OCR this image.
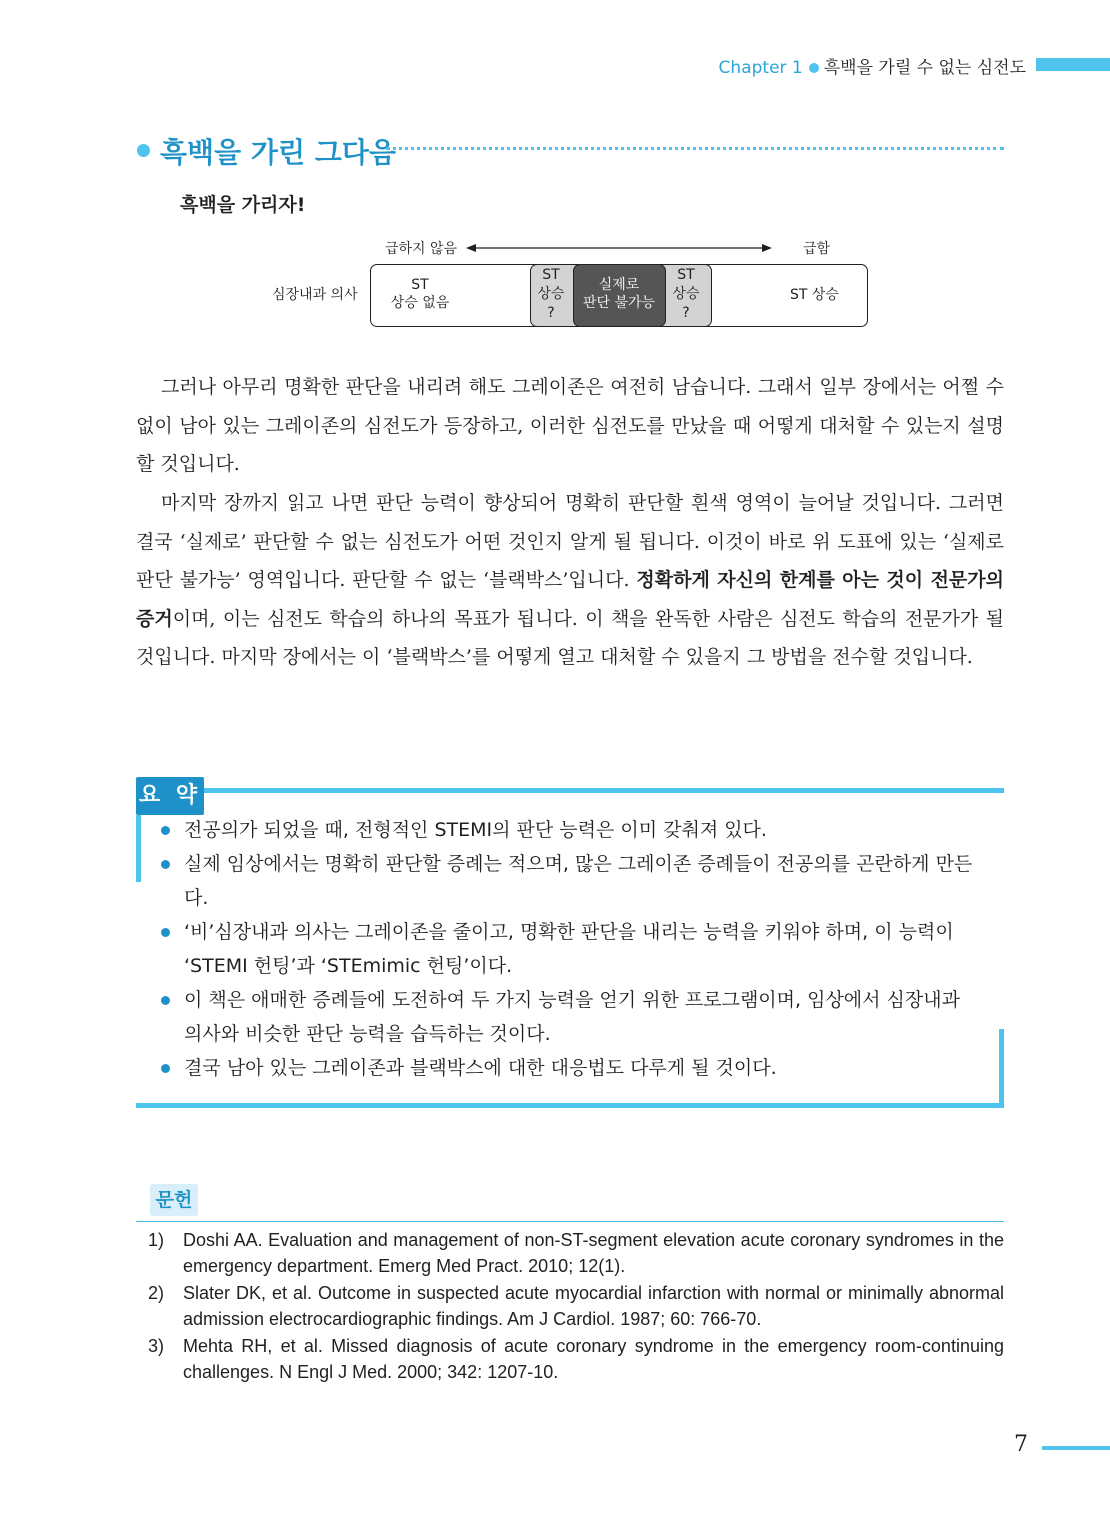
Chapter 1 흑백을 가릴 수 없는 심전도
흑백을 가린 그다음
흑백을 가리자!
급하지 않음	급함
심장내과 의사
ST
상승 없음
ST
상승
?
실제로
판단 불가능
ST
상승
?
ST 상승

그러나 아무리 명확한 판단을 내리려 해도 그레이존은 여전히 남습니다. 그래서 일부 장에서는 어쩔 수 없이 남아 있는 그레이존의 심전도가 등장하고, 이러한 심전도를 만났을 때 어떻게 대처할 수 있는지 설명할 것입니다.

마지막 장까지 읽고 나면 판단 능력이 향상되어 명확히 판단할 흰색 영역이 늘어날 것입니다. 그러면 결국 ‘실제로’ 판단할 수 없는 심전도가 어떤 것인지 알게 될 됩니다. 이것이 바로 위 도표에 있는 ‘실제로 판단 불가능’ 영역입니다. 판단할 수 없는 ‘블랙박스’입니다. 정확하게 자신의 한계를 아는 것이 전문가의 증거이며, 이는 심전도 학습의 하나의 목표가 됩니다. 이 책을 완독한 사람은 심전도 학습의 전문가가 될 것입니다. 마지막 장에서는 이 ‘블랙박스’를 어떻게 열고 대처할 수 있을지 그 방법을 전수할 것입니다.

요 약
전공의가 되었을 때, 전형적인 STEMI의 판단 능력은 이미 갖춰져 있다.
실제 임상에서는 명확히 판단할 증례는 적으며, 많은 그레이존 증례들이 전공의를 곤란하게 만든다.
‘비’심장내과 의사는 그레이존을 줄이고, 명확한 판단을 내리는 능력을 키워야 하며, 이 능력이 ‘STEMI 헌팅’과 ‘STEmimic 헌팅’이다.
이 책은 애매한 증례들에 도전하여 두 가지 능력을 얻기 위한 프로그램이며, 임상에서 심장내과 의사와 비슷한 판단 능력을 습득하는 것이다.
결국 남아 있는 그레이존과 블랙박스에 대한 대응법도 다루게 될 것이다.
문헌
1) Doshi AA. Evaluation and management of non-ST-segment elevation acute coronary syndromes in the emergency department. Emerg Med Pract. 2010; 12(1).
2) Slater DK, et al. Outcome in suspected acute myocardial infarction with normal or minimally abnormal admission electrocardiographic findings. Am J Cardiol. 1987; 60: 766-70.
3) Mehta RH, et al. Missed diagnosis of acute coronary syndrome in the emergency room-continuing challenges. N Engl J Med. 2000; 342: 1207-10.
7
